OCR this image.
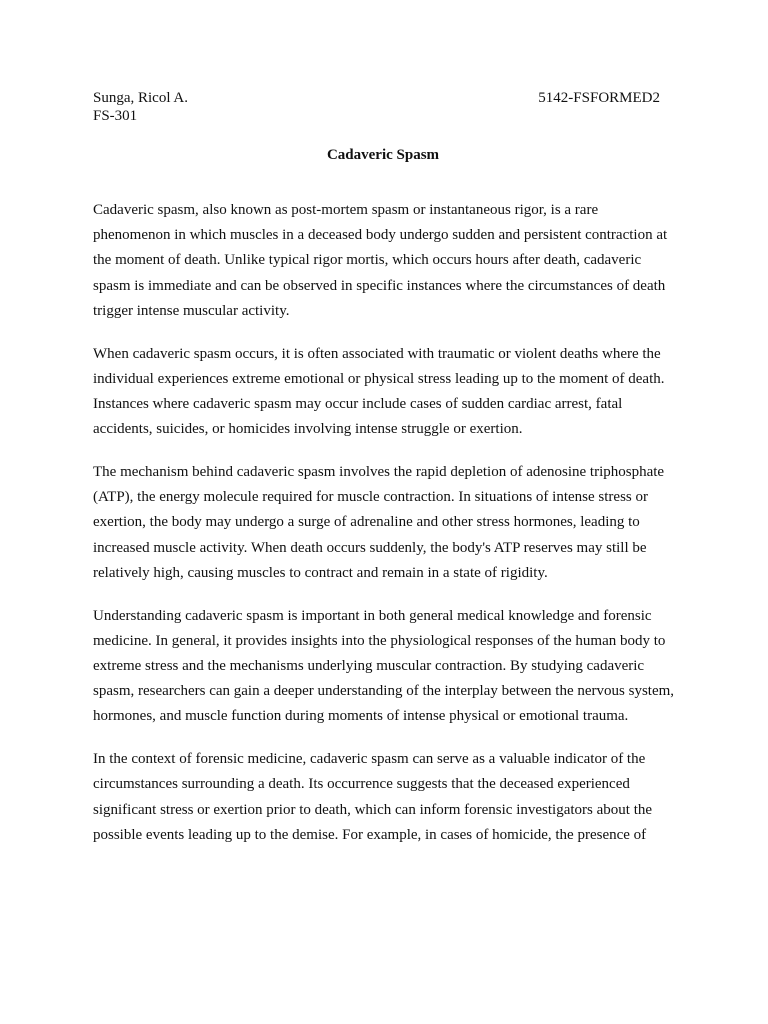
Sunga, Ricol A.	5142-FSFORMED2
FS-301
Cadaveric Spasm

Cadaveric spasm, also known as post-mortem spasm or instantaneous rigor, is a rare phenomenon in which muscles in a deceased body undergo sudden and persistent contraction at the moment of death. Unlike typical rigor mortis, which occurs hours after death, cadaveric spasm is immediate and can be observed in specific instances where the circumstances of death trigger intense muscular activity.

When cadaveric spasm occurs, it is often associated with traumatic or violent deaths where the individual experiences extreme emotional or physical stress leading up to the moment of death. Instances where cadaveric spasm may occur include cases of sudden cardiac arrest, fatal accidents, suicides, or homicides involving intense struggle or exertion.

The mechanism behind cadaveric spasm involves the rapid depletion of adenosine triphosphate (ATP), the energy molecule required for muscle contraction. In situations of intense stress or exertion, the body may undergo a surge of adrenaline and other stress hormones, leading to increased muscle activity. When death occurs suddenly, the body's ATP reserves may still be relatively high, causing muscles to contract and remain in a state of rigidity.

Understanding cadaveric spasm is important in both general medical knowledge and forensic medicine. In general, it provides insights into the physiological responses of the human body to extreme stress and the mechanisms underlying muscular contraction. By studying cadaveric spasm, researchers can gain a deeper understanding of the interplay between the nervous system, hormones, and muscle function during moments of intense physical or emotional trauma.

In the context of forensic medicine, cadaveric spasm can serve as a valuable indicator of the circumstances surrounding a death. Its occurrence suggests that the deceased experienced significant stress or exertion prior to death, which can inform forensic investigators about the possible events leading up to the demise. For example, in cases of homicide, the presence of
